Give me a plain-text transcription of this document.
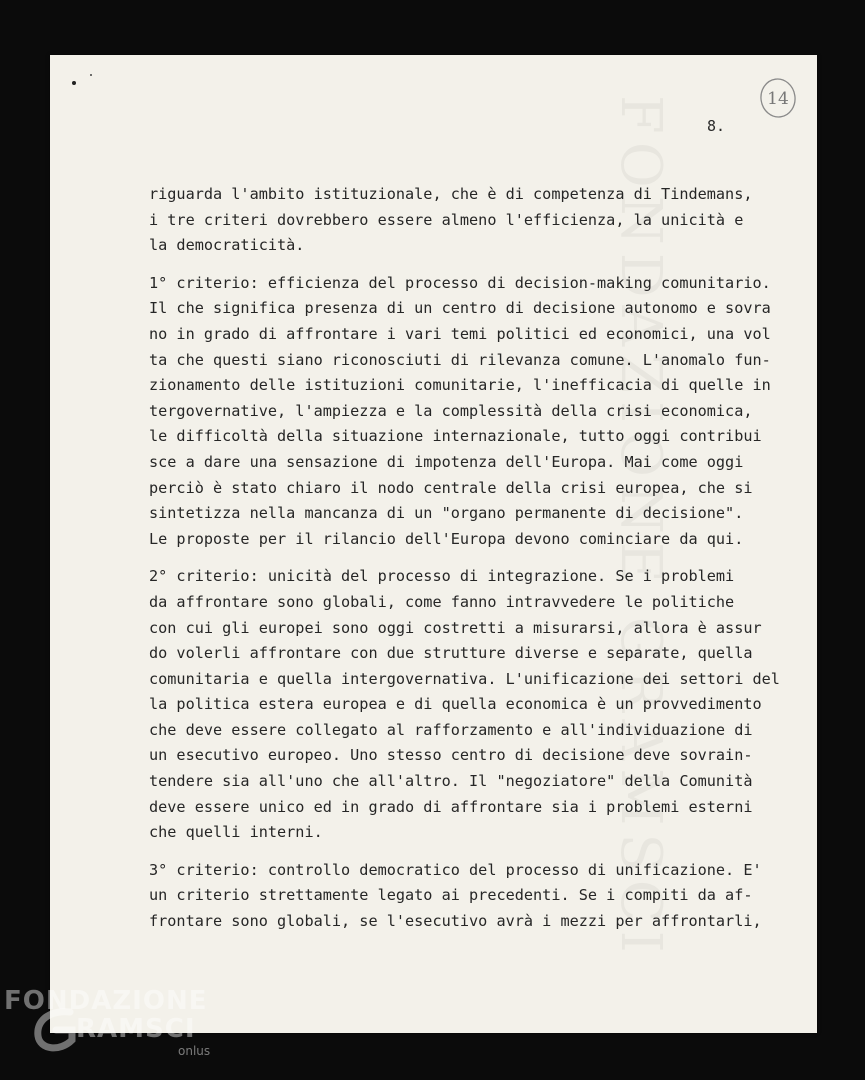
14
8.
riguarda l'ambito istituzionale, che è di competenza di Tindemans,
i tre criteri dovrebbero essere almeno l'efficienza, la unicità e
la democraticità.
1° criterio: efficienza del processo di decision-making comunitario.
Il che significa presenza di un centro di decisione autonomo e sovra
no in grado di affrontare i vari temi politici ed economici, una vol
ta che questi siano riconosciuti di rilevanza comune. L'anomalo fun-
zionamento delle istituzioni comunitarie, l'inefficacia di quelle in
tergovernative, l'ampiezza e la complessità della crisi economica,
le difficoltà della situazione internazionale, tutto oggi contribui
sce a dare una sensazione di impotenza dell'Europa. Mai come oggi
perciò è stato chiaro il nodo centrale della crisi europea, che si
sintetizza nella mancanza di un "organo permanente di decisione".
Le proposte per il rilancio dell'Europa devono cominciare da qui.
2° criterio: unicità del processo di integrazione. Se i problemi
da affrontare sono globali, come fanno intravvedere le politiche
con cui gli europei sono oggi costretti a misurarsi, allora è assur
do volerli affrontare con due strutture diverse e separate, quella
comunitaria e quella intergovernativa. L'unificazione dei settori del
la politica estera europea e di quella economica è un provvedimento
che deve essere collegato al rafforzamento e all'individuazione di
un esecutivo europeo. Uno stesso centro di decisione deve sovrain-
tendere sia all'uno che all'altro. Il "negoziatore" della Comunità
deve essere unico ed in grado di affrontare sia i problemi esterni
che quelli interni.
3° criterio: controllo democratico del processo di unificazione. E'
un criterio strettamente legato ai precedenti. Se i compiti da af-
frontare sono globali, se l'esecutivo avrà i mezzi per affrontarli,
FONDAZIONE
RAMSCI
onlus
